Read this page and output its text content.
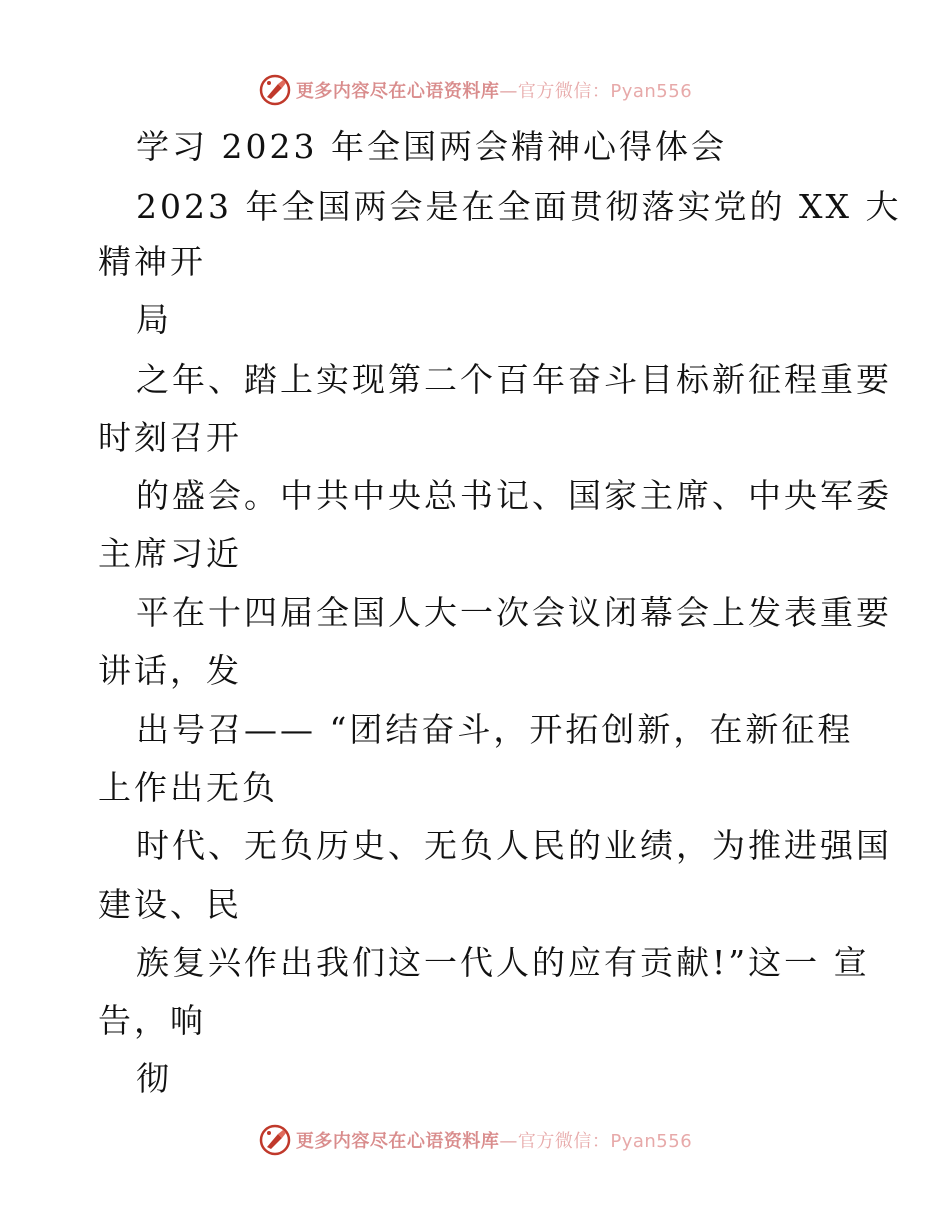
更多内容尽在心语资料库—官方微信：Pyan556
学习 2023 年全国两会精神心得体会
2023 年全国两会是在全面贯彻落实党的 XX 大
精神开
局
之年、踏上实现第二个百年奋斗目标新征程重要
时刻召开
的盛会。中共中央总书记、国家主席、中央军委
主席习近
平在十四届全国人大一次会议闭幕会上发表重要
讲话，发
出号召—— “团结奋斗，开拓创新，在新征程
上作出无负
时代、无负历史、无负人民的业绩，为推进强国
建设、民
族复兴作出我们这一代人的应有贡献!”这一 宣
告，响
彻
更多内容尽在心语资料库—官方微信：Pyan556
